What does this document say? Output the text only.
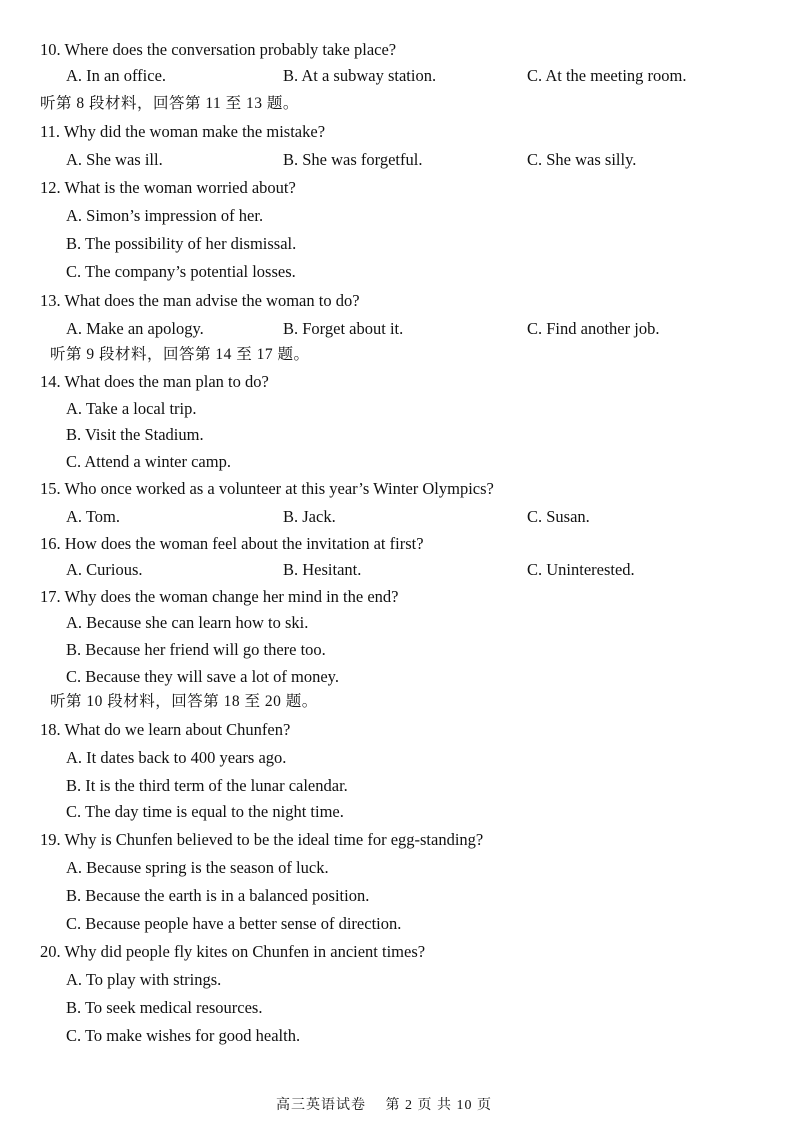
10. Where does the conversation probably take place?
A. In an office.	B. At a subway station.	C. At the meeting room.
听第 8 段材料，回答第 11 至 13 题。
11. Why did the woman make the mistake?
A. She was ill.	B. She was forgetful.	C. She was silly.
12. What is the woman worried about?
A. Simon’s impression of her.
B. The possibility of her dismissal.
C. The company’s potential losses.
13. What does the man advise the woman to do?
A. Make an apology.	B. Forget about it.	C. Find another job.
听第 9 段材料，回答第 14 至 17 题。
14. What does the man plan to do?
A. Take a local trip.
B. Visit the Stadium.
C. Attend a winter camp.
15. Who once worked as a volunteer at this year’s Winter Olympics?
A. Tom.	B. Jack.	C. Susan.
16. How does the woman feel about the invitation at first?
A. Curious.	B. Hesitant.	C. Uninterested.
17. Why does the woman change her mind in the end?
A. Because she can learn how to ski.
B. Because her friend will go there too.
C. Because they will save a lot of money.
听第 10 段材料，回答第 18 至 20 题。
18. What do we learn about Chunfen?
A. It dates back to 400 years ago.
B. It is the third term of the lunar calendar.
C. The day time is equal to the night time.
19. Why is Chunfen believed to be the ideal time for egg-standing?
A. Because spring is the season of luck.
B. Because the earth is in a balanced position.
C. Because people have a better sense of direction.
20. Why did people fly kites on Chunfen in ancient times?
A. To play with strings.
B. To seek medical resources.
C. To make wishes for good health.
高三英语试卷　 第 2 页 共 10 页
